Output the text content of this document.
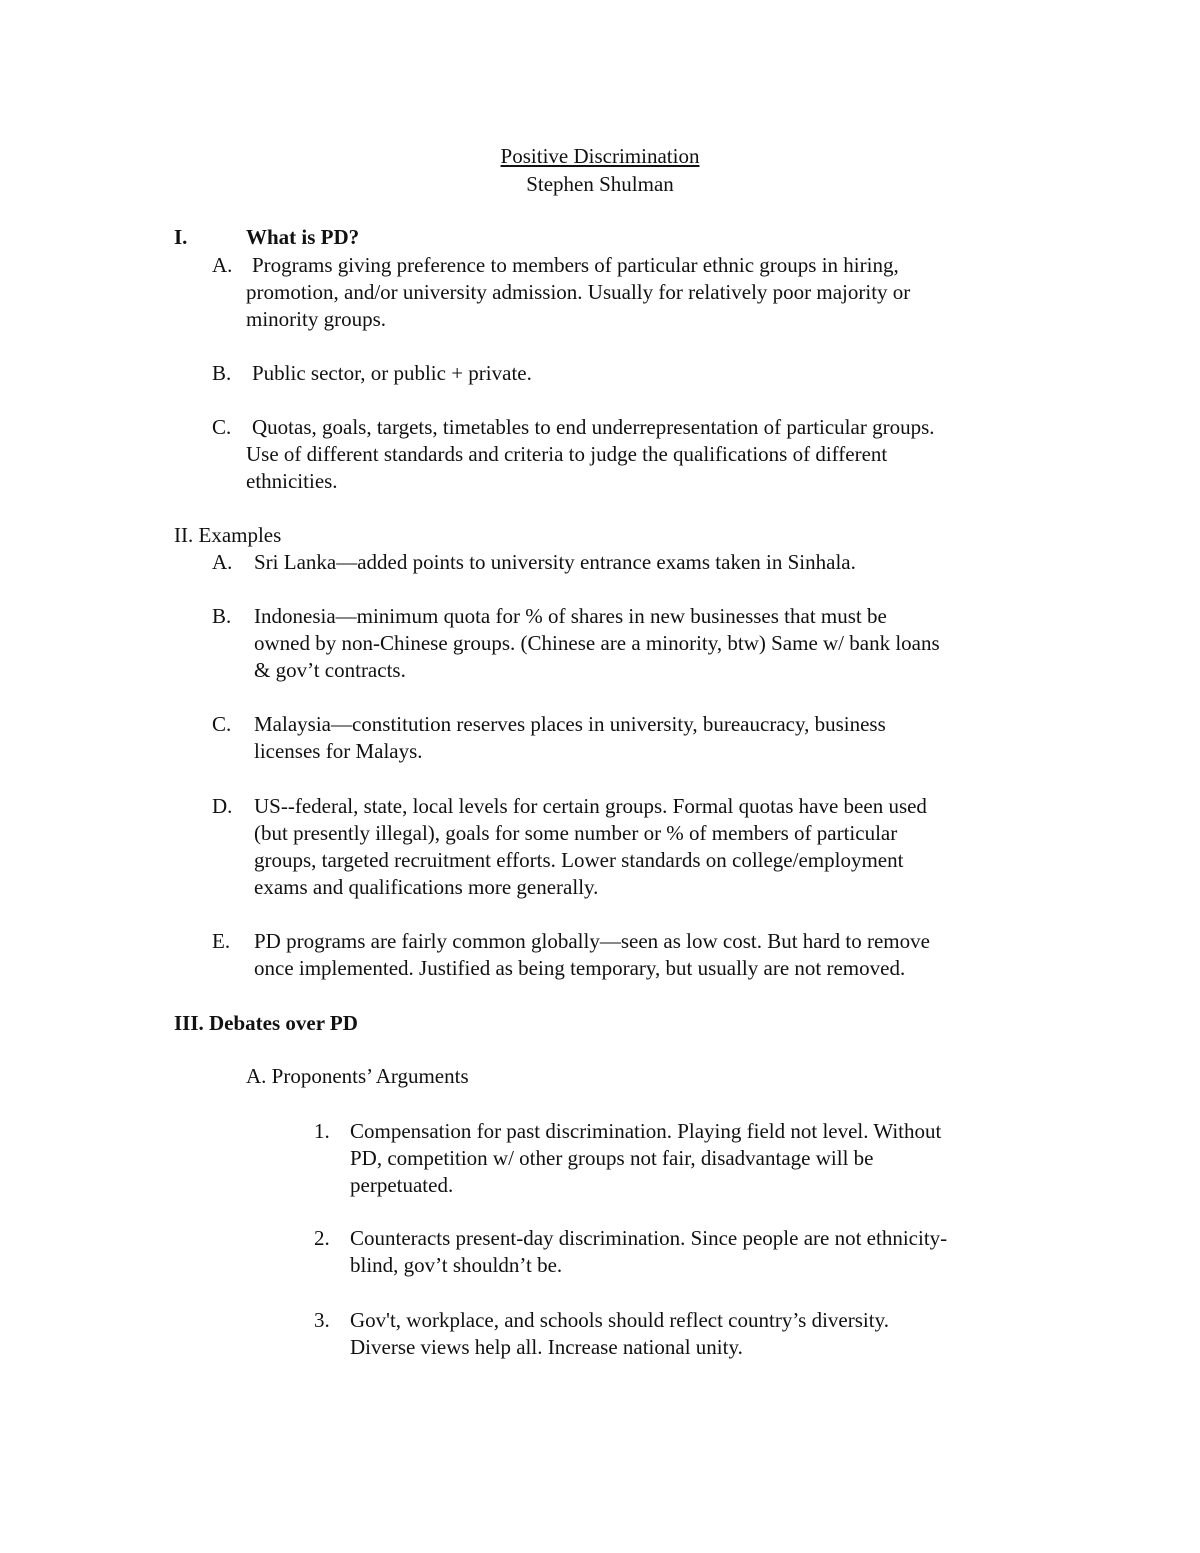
Positive Discrimination
Stephen Shulman
I.	What is PD?
A. Programs giving preference to members of particular ethnic groups in hiring,
promotion, and/or university admission. Usually for relatively poor majority or
minority groups.
B. Public sector, or public + private.
C. Quotas, goals, targets, timetables to end underrepresentation of particular groups.
Use of different standards and criteria to judge the qualifications of different
ethnicities.
II. Examples
A. Sri Lanka—added points to university entrance exams taken in Sinhala.
B. Indonesia—minimum quota for % of shares in new businesses that must be
owned by non-Chinese groups. (Chinese are a minority, btw) Same w/ bank loans
& gov’t contracts.
C. Malaysia—constitution reserves places in university, bureaucracy, business
licenses for Malays.
D. US--federal, state, local levels for certain groups. Formal quotas have been used
(but presently illegal), goals for some number or % of members of particular
groups, targeted recruitment efforts. Lower standards on college/employment
exams and qualifications more generally.
E. PD programs are fairly common globally—seen as low cost. But hard to remove
once implemented. Justified as being temporary, but usually are not removed.
III. Debates over PD
A. Proponents’ Arguments
1. Compensation for past discrimination. Playing field not level. Without
PD, competition w/ other groups not fair, disadvantage will be
perpetuated.
2. Counteracts present-day discrimination. Since people are not ethnicity-
blind, gov’t shouldn’t be.
3. Gov't, workplace, and schools should reflect country’s diversity.
Diverse views help all. Increase national unity.
